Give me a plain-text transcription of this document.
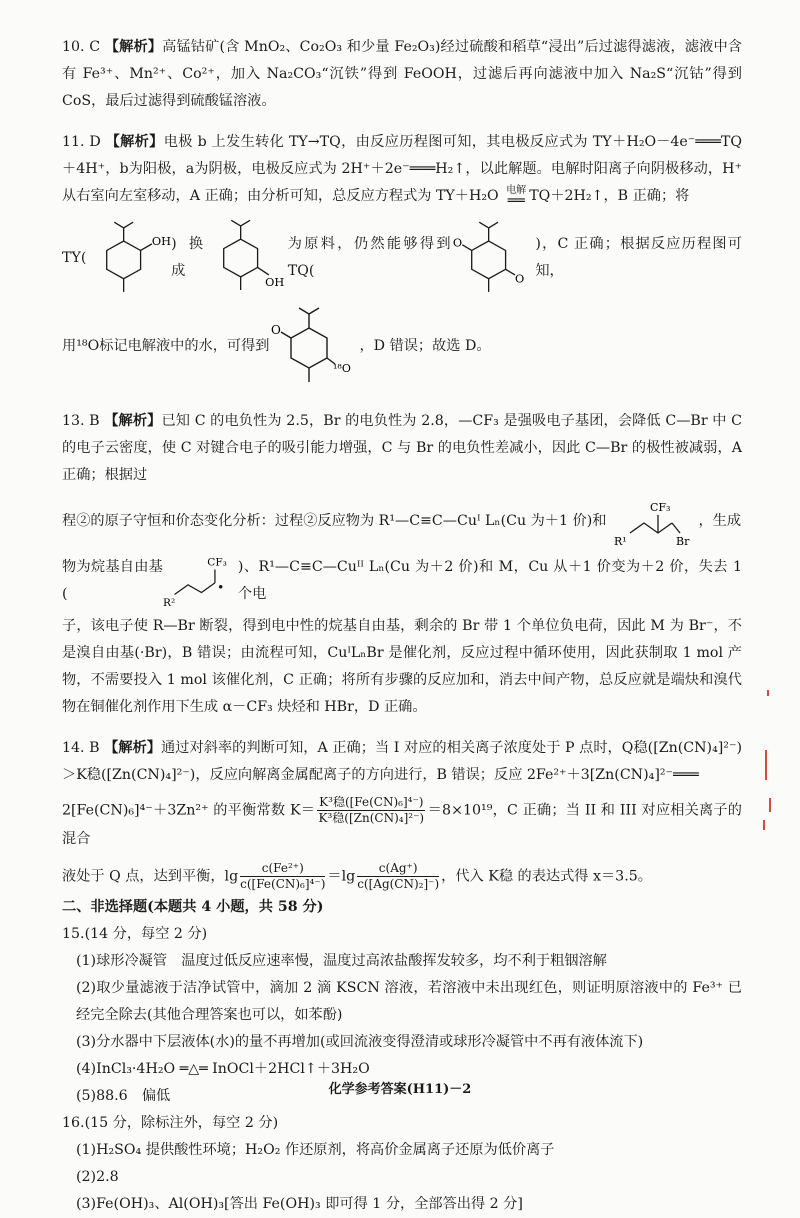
10. C 【解析】高锰钴矿(含 MnO₂、Co₂O₃ 和少量 Fe₂O₃)经过硫酸和稻草“浸出”后过滤得滤液，滤液中含有 Fe³⁺、Mn²⁺、Co²⁺，加入 Na₂CO₃“沉铁”得到 FeOOH，过滤后再向滤液中加入 Na₂S“沉钴”得到 CoS，最后过滤得到硫酸锰溶液。

11. D 【解析】电极 b 上发生转化 TY→TQ，由反应历程图可知，其电极反应式为 TY＋H₂O－4e⁻═══TQ＋4H⁺，b为阳极，a为阴极，电极反应式为 2H⁺＋2e⁻═══H₂↑，以此解题。电解时阳离子向阴极移动，H⁺从右室向左室移动，A 正确；由分析可知，总反应方程式为 TY＋H₂O 电解
══ TQ＋2H₂↑，B 正确；将

TY(
OH )换成
OH
为原料，仍然能够得到 TQ(
O
O
)，C 正确；根据反应历程图可知，
用¹⁸O标记电解液中的水，可得到
O
¹⁸O
，D 错误；故选 D。

13. B 【解析】已知 C 的电负性为 2.5，Br 的电负性为 2.8，—CF₃ 是强吸电子基团，会降低 C—Br 中 C 的电子云密度，使 C 对键合电子的吸引能力增强，C 与 Br 的电负性差减小，因此 C—Br 的极性被减弱，A 正确；根据过

程②的原子守恒和价态变化分析：过程②反应物为 R¹—C≡C—Cuᴵ Lₙ(Cu 为＋1 价)和
CF₃
R¹	Br
，生成
物为烷基自由基(
CF₃
R²
)、R¹—C≡C—Cuᴵᴵ Lₙ(Cu 为＋2 价)和 M，Cu 从＋1 价变为＋2 价，失去 1 个电

子，该电子使 R—Br 断裂，得到电中性的烷基自由基，剩余的 Br 带 1 个单位负电荷，因此 M 为 Br⁻，不是溴自由基(·Br)，B 错误；由流程可知，CuᴵLₙBr 是催化剂，反应过程中循环使用，因此获制取 1 mol 产物，不需要投入 1 mol 该催化剂，C 正确；将所有步骤的反应加和，消去中间产物，总反应就是端炔和溴代物在铜催化剂作用下生成 α－CF₃ 炔烃和 HBr，D 正确。

14. B 【解析】通过对斜率的判断可知，A 正确；当 I 对应的相关离子浓度处于 P 点时，Q稳([Zn(CN)₄]²⁻)＞K稳([Zn(CN)₄]²⁻)，反应向解离金属配离子的方向进行，B 错误；反应 2Fe²⁺＋3[Zn(CN)₄]²⁻═══

2[Fe(CN)₆]⁴⁻＋3Zn²⁺ 的平衡常数 $K= \frac{\text{K³稳([Fe(CN)₆]⁴⁻)}}{\text{K³稳([Zn(CN)₄]²⁻)}} =8\times 10^{19}$，C 正确；当 II 和 III 对应相关离子的混合

液处于 Q 点，达到平衡，$\lg \frac{\text{c(Fe²⁺)}}{\text{c([Fe(CN)₆]⁴⁻)}} =\lg \frac{c(Ag^+)}{\text{c([Ag(CN)₂]⁻)}}$ ，代入 K稳 的表达式得 x＝3.5。

二、非选择题(本题共 4 小题，共 58 分)

15.(14 分，每空 2 分)

(1)球形冷凝管　温度过低反应速率慢，温度过高浓盐酸挥发较多，均不利于粗铟溶解

(2)取少量滤液于洁净试管中，滴加 2 滴 KSCN 溶液，若溶液中未出现红色，则证明原溶液中的 Fe³⁺ 已经完全除去(其他合理答案也可以，如苯酚)

(3)分水器中下层液体(水)的量不再增加(或回流液变得澄清或球形冷凝管中不再有液体流下)

(4)InCl₃·4H₂O ═△═ InOCl＋2HCl↑＋3H₂O

(5)88.6　偏低

16.(15 分，除标注外，每空 2 分)

(1)H₂SO₄ 提供酸性环境；H₂O₂ 作还原剂，将高价金属离子还原为低价离子

(2)2.8

(3)Fe(OH)₃、Al(OH)₃[答出 Fe(OH)₃ 即可得 1 分，全部答出得 2 分]

化学参考答案(H11)－2
